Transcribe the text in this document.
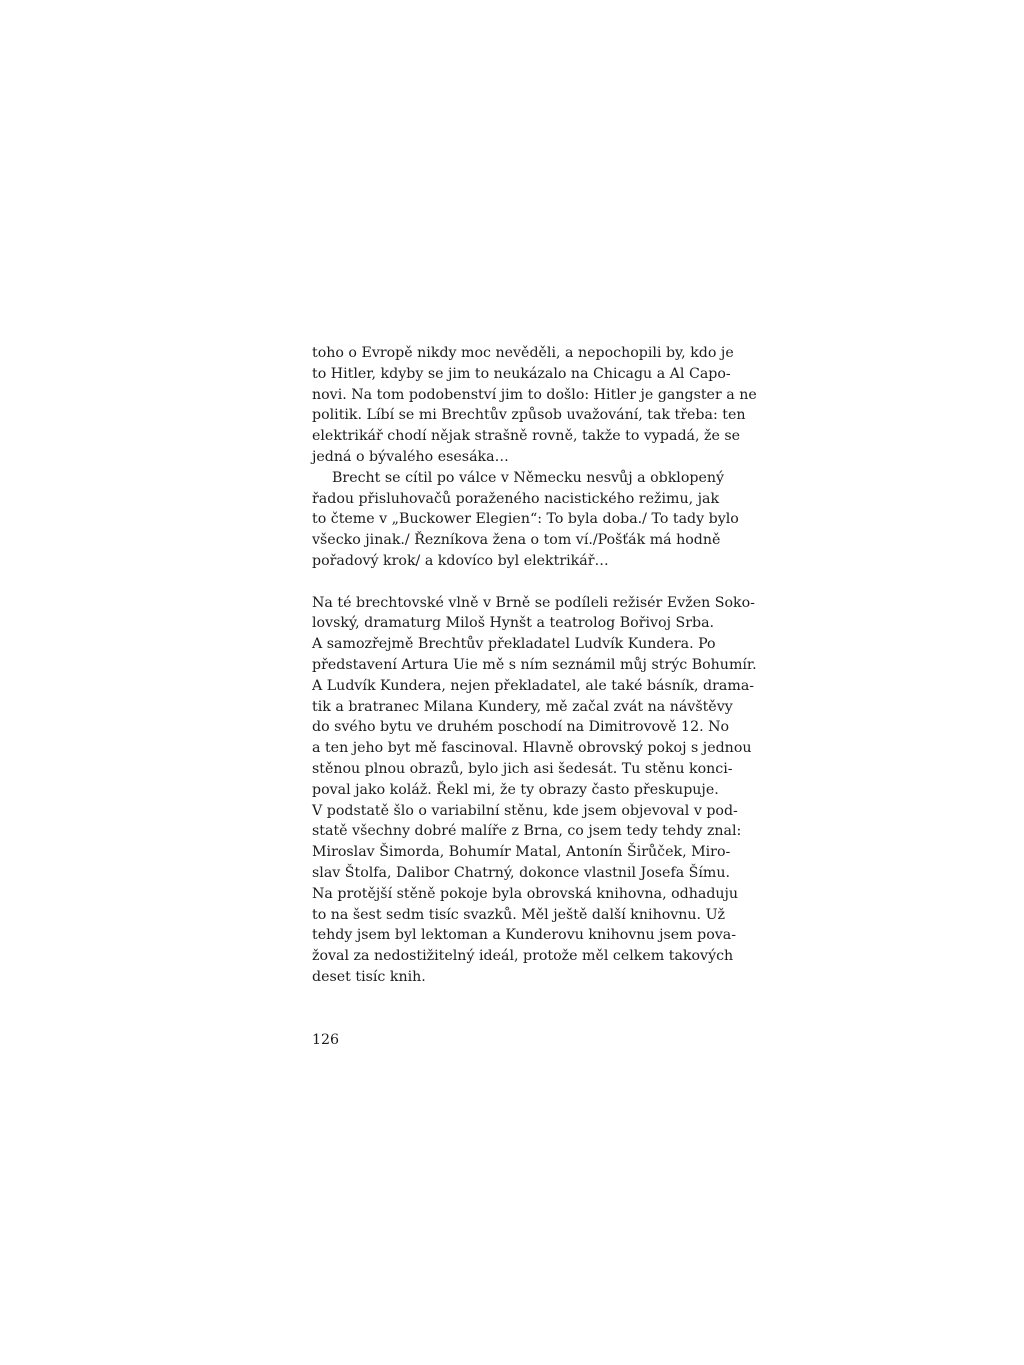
toho o Evropě nikdy moc nevěděli, a nepochopili by, kdo je
to Hitler, kdyby se jim to neukázalo na Chicagu a Al Capo-
novi. Na tom podobenství jim to došlo: Hitler je gangster a ne
politik. Líbí se mi Brechtův způsob uvažování, tak třeba: ten
elektrikář chodí nějak strašně rovně, takže to vypadá, že se
jedná o bývalého esesáka…
Brecht se cítil po válce v Německu nesvůj a obklopený
řadou přisluhovačů poraženého nacistického režimu, jak
to čteme v „Buckower Elegien“: To byla doba./ To tady bylo
všecko jinak./ Řezníkova žena o tom ví./Pošťák má hodně
pořadový krok/ a kdovíco byl elektrikář…
Na té brechtovské vlně v Brně se podíleli režisér Evžen Soko-
lovský, dramaturg Miloš Hynšt a teatrolog Bořivoj Srba.
A samozřejmě Brechtův překladatel Ludvík Kundera. Po
představení Artura Uie mě s ním seznámil můj strýc Bohumír.
A Ludvík Kundera, nejen překladatel, ale také básník, drama-
tik a bratranec Milana Kundery, mě začal zvát na návštěvy
do svého bytu ve druhém poschodí na Dimitrovově 12. No
a ten jeho byt mě fascinoval. Hlavně obrovský pokoj s jednou
stěnou plnou obrazů, bylo jich asi šedesát. Tu stěnu konci-
poval jako koláž. Řekl mi, že ty obrazy často přeskupuje.
V podstatě šlo o variabilní stěnu, kde jsem objevoval v pod-
statě všechny dobré malíře z Brna, co jsem tedy tehdy znal:
Miroslav Šimorda, Bohumír Matal, Antonín Širůček, Miro-
slav Štolfa, Dalibor Chatrný, dokonce vlastnil Josefa Šímu.
Na protější stěně pokoje byla obrovská knihovna, odhaduju
to na šest sedm tisíc svazků. Měl ještě další knihovnu. Už
tehdy jsem byl lektoman a Kunderovu knihovnu jsem pova-
žoval za nedostižitelný ideál, protože měl celkem takových
deset tisíc knih.
126
